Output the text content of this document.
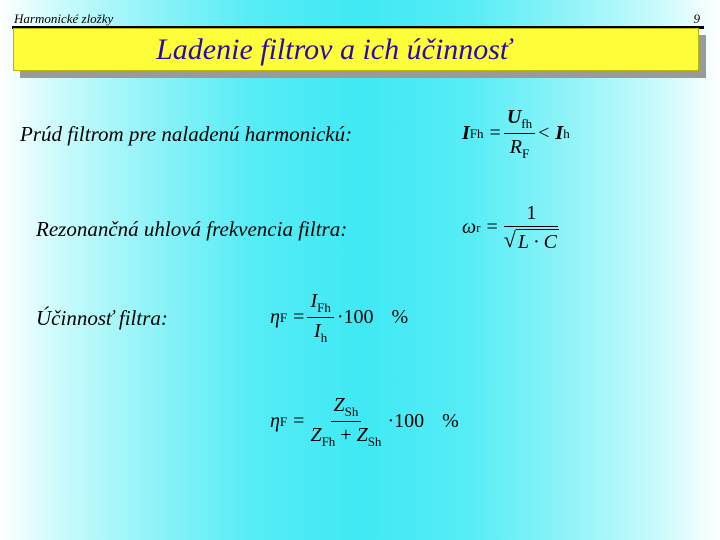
Harmonické zložky	9
Ladenie filtrov a ich účinnosť
Prúd filtrom pre naladenú harmonickú:
Rezonančná uhlová frekvencia filtra:
Účinnosť filtra:
I $Fh = \frac{U_{fh}}{R_F} < I$ h
ω $r = \frac{1}{√ L \cdot C}$
η $F = \frac{I_{Fh}}{I_h} \cdot 100$ %
η $F = \frac{Z_{Sh}}{Z_{Fh} + Z_{Sh}} \cdot 100$ %
